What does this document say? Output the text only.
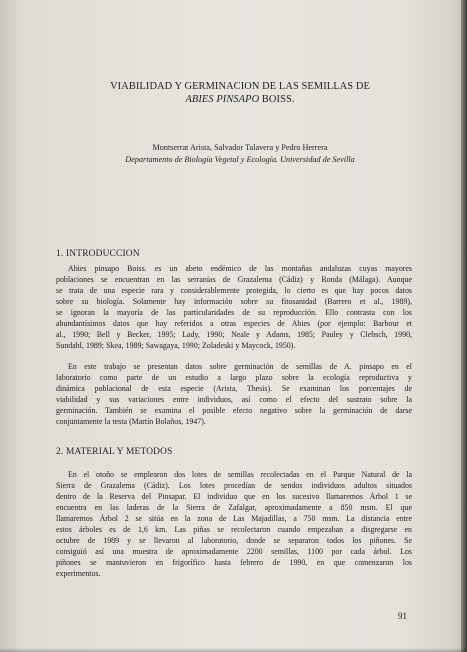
VIABILIDAD Y GERMINACION DE LAS SEMILLAS DE
ABIES PINSAPO BOISS.
Montserrat Arista, Salvador Talavera y Pedro Herrera
Departamento de Biología Vegetal y Ecología. Universidad de Sevilla
1. INTRODUCCION
Abies pinsapo Boiss. es un abeto endémico de las montañas andaluzas cuyas mayores
poblaciones se encuentran en las serranías de Grazalema (Cádiz) y Ronda (Málaga). Aunque
se trata de una especie rara y considerablemente protegida, lo cierto es que hay pocos datos
sobre su biología. Solamente hay información sobre su fitosanidad (Barrero et al., 1989),
se ignoran la mayoría de las particularidades de su reproducción. Ello contrasta con los
abundantísimos datos que hay referidos a otras especies de Abies (por ejemplo: Barbour et
al., 1990; Bell y Becker, 1995; Lady, 1990; Neale y Adams, 1985; Pauley y Clebsch, 1990,
Sundahl, 1989; Skea, 1989; Sawagaya, 1990; Zoladeski y Maycock, 1950).
En este trabajo se presentan datos sobre germinación de semillas de A. pinsapo en el
laboratorio como parte de un estudio a largo plazo sobre la ecología reproductiva y
dinámica poblacional de esta especie (Arista, Thesis). Se examinan los porcentajes de
viabilidad y sus variaciones entre individuos, así como el efecto del sustrato sobre la
germinación. También se examina el posible efecto negativo sobre la germinación de darse
conjuntamente la testa (Martín Bolaños, 1947).
2. MATERIAL Y METODOS
En el otoño se emplearon dos lotes de semillas recolectadas en el Parque Natural de la
Sierra de Grazalema (Cádiz). Los lotes procedían de sendos individuos adultos situados
dentro de la Reserva del Pinsapar. El individuo que en los sucesivo llamaremos Árbol 1 se
encuentra en las laderas de la Sierra de Zafalgar, aproximadamente a 850 msm. El que
llamaremos Árbol 2 se sitúa en la zona de Las Majadillas, a 750 msm. La distancia entre
estos árboles es de 1,6 km. Las piñas se recolectaron cuando empezaban a disgregarse en
octubre de 1989 y se llevaron al laboratorio, donde se separaron todos los piñones. Se
consiguió así una muestra de aproximadamente 2200 semillas, 1100 por cada árbol. Los
piñones se mantuvieron en frigorífico hasta febrero de 1990, en que comenzaron los
experimentos.
91
